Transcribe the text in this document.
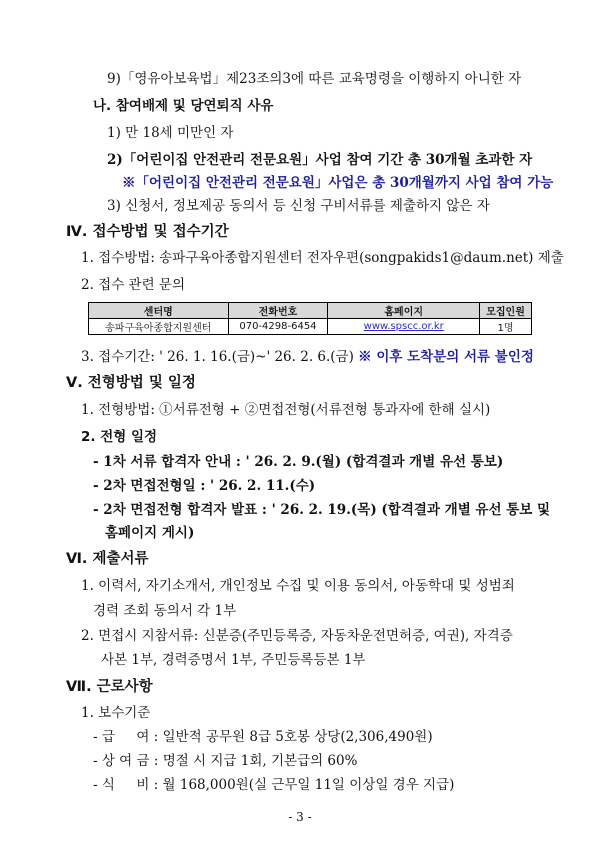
9)「영유아보육법」제23조의3에 따른 교육명령을 이행하지 아니한 자
나. 참여배제 및 당연퇴직 사유
1) 만 18세 미만인 자
2)「어린이집 안전관리 전문요원」사업 참여 기간 총 30개월 초과한 자
※「어린이집 안전관리 전문요원」사업은 총 30개월까지 사업 참여 가능
3) 신청서, 정보제공 동의서 등 신청 구비서류를 제출하지 않은 자
Ⅳ. 접수방법 및 접수기간
1. 접수방법: 송파구육아종합지원센터 전자우편(songpakids1@daum.net) 제출
2. 접수 관련 문의
센터명	전화번호	홈페이지	모집인원
송파구육아종합지원센터	070-4298-6454	www.spscc.or.kr	1명
3. 접수기간: ' 26. 1. 16.(금)~' 26. 2. 6.(금) ※ 이후 도착분의 서류 불인정
Ⅴ. 전형방법 및 일정
1. 전형방법: ①서류전형 + ②면접전형(서류전형 통과자에 한해 실시)
2. 전형 일정
- 1차 서류 합격자 안내 : ' 26. 2. 9.(월) (합격결과 개별 유선 통보)
- 2차 면접전형일 : ' 26. 2. 11.(수)
- 2차 면접전형 합격자 발표 : ' 26. 2. 19.(목) (합격결과 개별 유선 통보 및
홈페이지 게시)
Ⅵ. 제출서류
1. 이력서, 자기소개서, 개인정보 수집 및 이용 동의서, 아동학대 및 성범죄
경력 조회 동의서 각 1부
2. 면접시 지참서류: 신분증(주민등록증, 자동차운전면허증, 여권), 자격증
사본 1부, 경력증명서 1부, 주민등록등본 1부
Ⅶ. 근로사항
1. 보수기준
- 급     여 : 일반적 공무원 8급 5호봉 상당(2,306,490원)
- 상 여 금 : 명절 시 지급 1회, 기본급의 60%
- 식     비 : 월 168,000원(실 근무일 11일 이상일 경우 지급)
- 3 -
